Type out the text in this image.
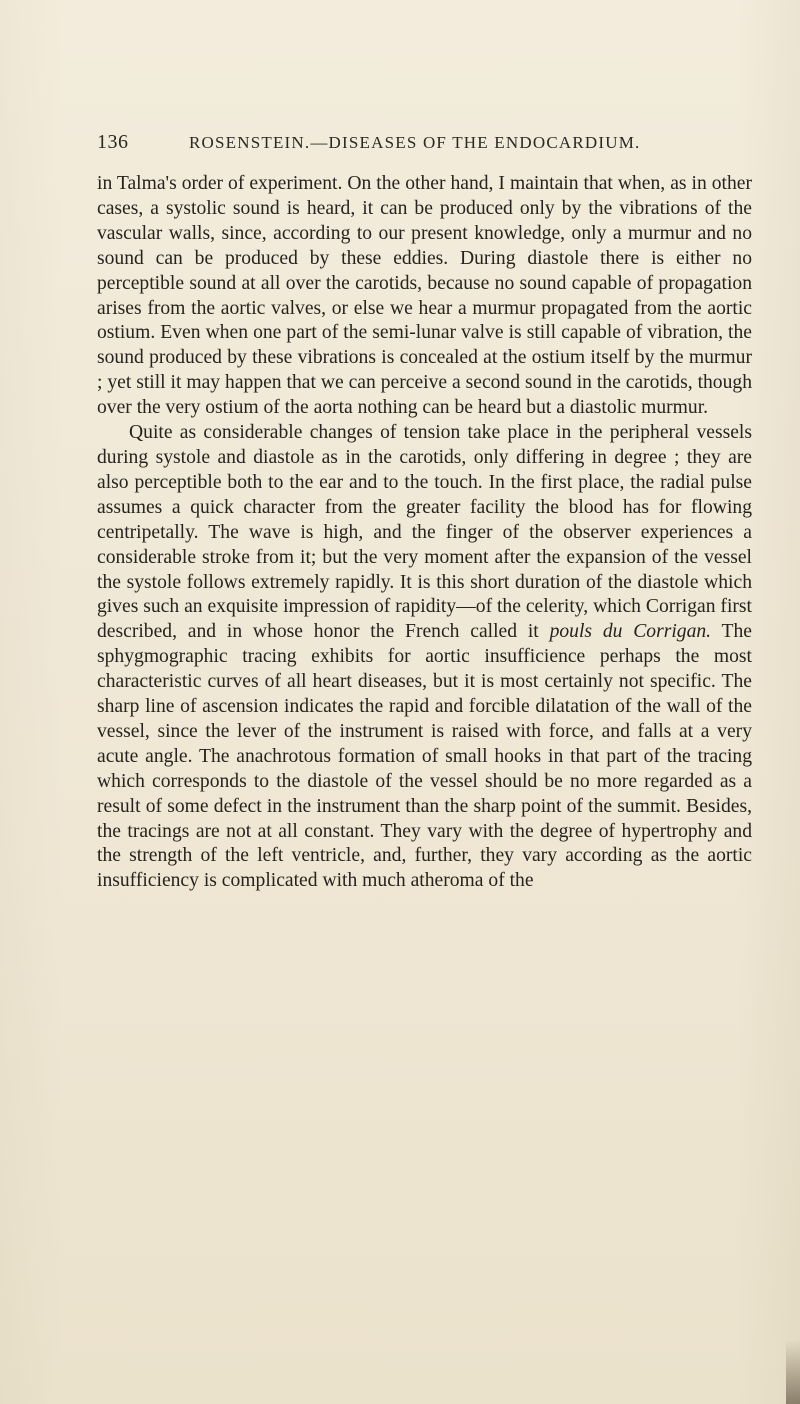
136	ROSENSTEIN.—DISEASES OF THE ENDOCARDIUM.

in Talma's order of experiment. On the other hand, I maintain that when, as in other cases, a systolic sound is heard, it can be produced only by the vibrations of the vascular walls, since, according to our present knowledge, only a murmur and no sound can be produced by these eddies. During diastole there is either no perceptible sound at all over the carotids, because no sound capable of propagation arises from the aortic valves, or else we hear a murmur propagated from the aortic ostium. Even when one part of the semi-lunar valve is still capable of vibration, the sound produced by these vibrations is concealed at the ostium itself by the murmur ; yet still it may happen that we can perceive a second sound in the carotids, though over the very ostium of the aorta nothing can be heard but a diastolic murmur.

Quite as considerable changes of tension take place in the peripheral vessels during systole and diastole as in the carotids, only differing in degree ; they are also perceptible both to the ear and to the touch. In the first place, the radial pulse assumes a quick character from the greater facility the blood has for flowing centripetally. The wave is high, and the finger of the observer experiences a considerable stroke from it; but the very moment after the expansion of the vessel the systole follows extremely rapidly. It is this short duration of the diastole which gives such an exquisite impression of rapidity—of the celerity, which Corrigan first described, and in whose honor the French called it pouls du Corrigan. The sphygmographic tracing exhibits for aortic insufficience perhaps the most characteristic curves of all heart diseases, but it is most certainly not specific. The sharp line of ascension indicates the rapid and forcible dilatation of the wall of the vessel, since the lever of the instrument is raised with force, and falls at a very acute angle. The anachrotous formation of small hooks in that part of the tracing which corresponds to the diastole of the vessel should be no more regarded as a result of some defect in the instrument than the sharp point of the summit. Besides, the tracings are not at all constant. They vary with the degree of hypertrophy and the strength of the left ventricle, and, further, they vary according as the aortic insufficiency is complicated with much atheroma of the
